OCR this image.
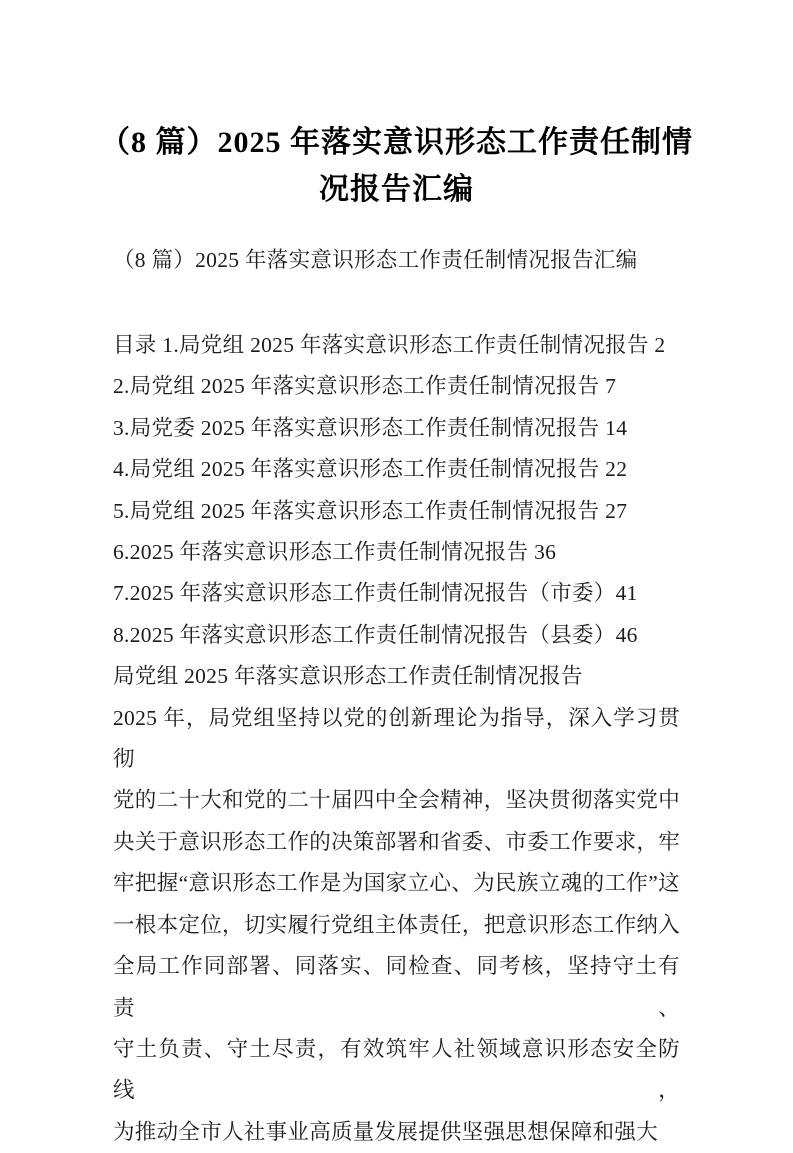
（8 篇）2025 年落实意识形态工作责任制情
况报告汇编
（8 篇）2025 年落实意识形态工作责任制情况报告汇编
目录 1.局党组 2025 年落实意识形态工作责任制情况报告 2
2.局党组 2025 年落实意识形态工作责任制情况报告 7
3.局党委 2025 年落实意识形态工作责任制情况报告 14
4.局党组 2025 年落实意识形态工作责任制情况报告 22
5.局党组 2025 年落实意识形态工作责任制情况报告 27
6.2025 年落实意识形态工作责任制情况报告 36
7.2025 年落实意识形态工作责任制情况报告（市委）41
8.2025 年落实意识形态工作责任制情况报告（县委）46
局党组 2025 年落实意识形态工作责任制情况报告
2025 年，局党组坚持以党的创新理论为指导，深入学习贯彻
党的二十大和党的二十届四中全会精神，坚决贯彻落实党中
央关于意识形态工作的决策部署和省委、市委工作要求，牢
牢把握“意识形态工作是为国家立心、为民族立魂的工作”这
一根本定位，切实履行党组主体责任，把意识形态工作纳入
全局工作同部署、同落实、同检查、同考核，坚持守土有责、
守土负责、守土尽责，有效筑牢人社领域意识形态安全防线，
为推动全市人社事业高质量发展提供坚强思想保障和强大
